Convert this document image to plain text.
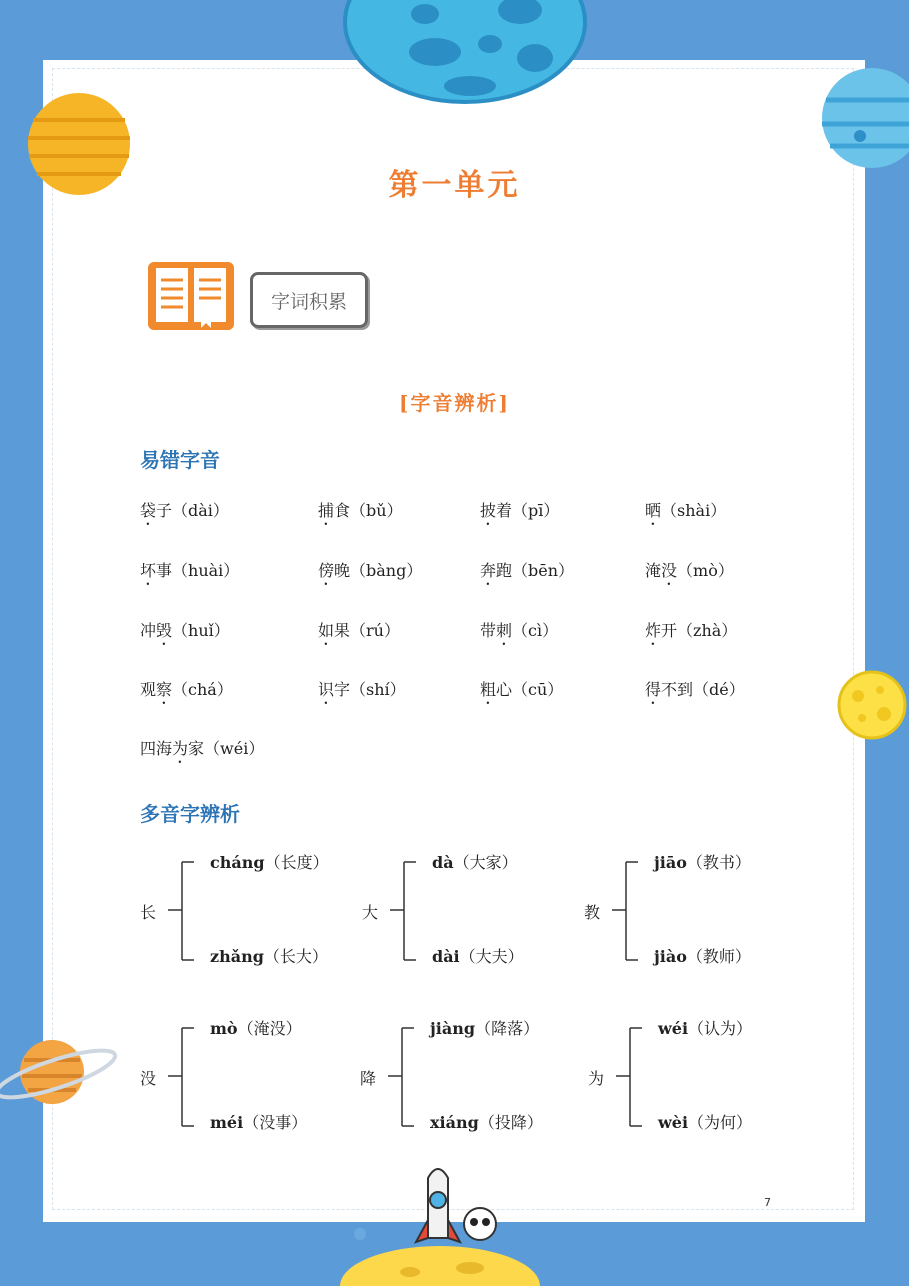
第一单元
字词积累
[字音辨析]
易错字音
袋子（dài）	捕食（bǔ）	披着（pī）	晒（shài）
坏事（huài）	傍晚（bàng）	奔跑（bēn）	淹没（mò）
冲毁（huǐ）	如果（rú）	带刺（cì）	炸开（zhà）
观察（chá）	识字（shí）	粗心（cū）	得不到（dé）
四海为家（wéi）
多音字辨析
长
cháng（长度）
zhǎng（长大）
大
dà（大家）
dài（大夫）
教
jiāo（教书）
jiào（教师）
没
mò（淹没）
méi（没事）
降
jiàng（降落）
xiáng（投降）
为
wéi（认为）
wèi（为何）
7
